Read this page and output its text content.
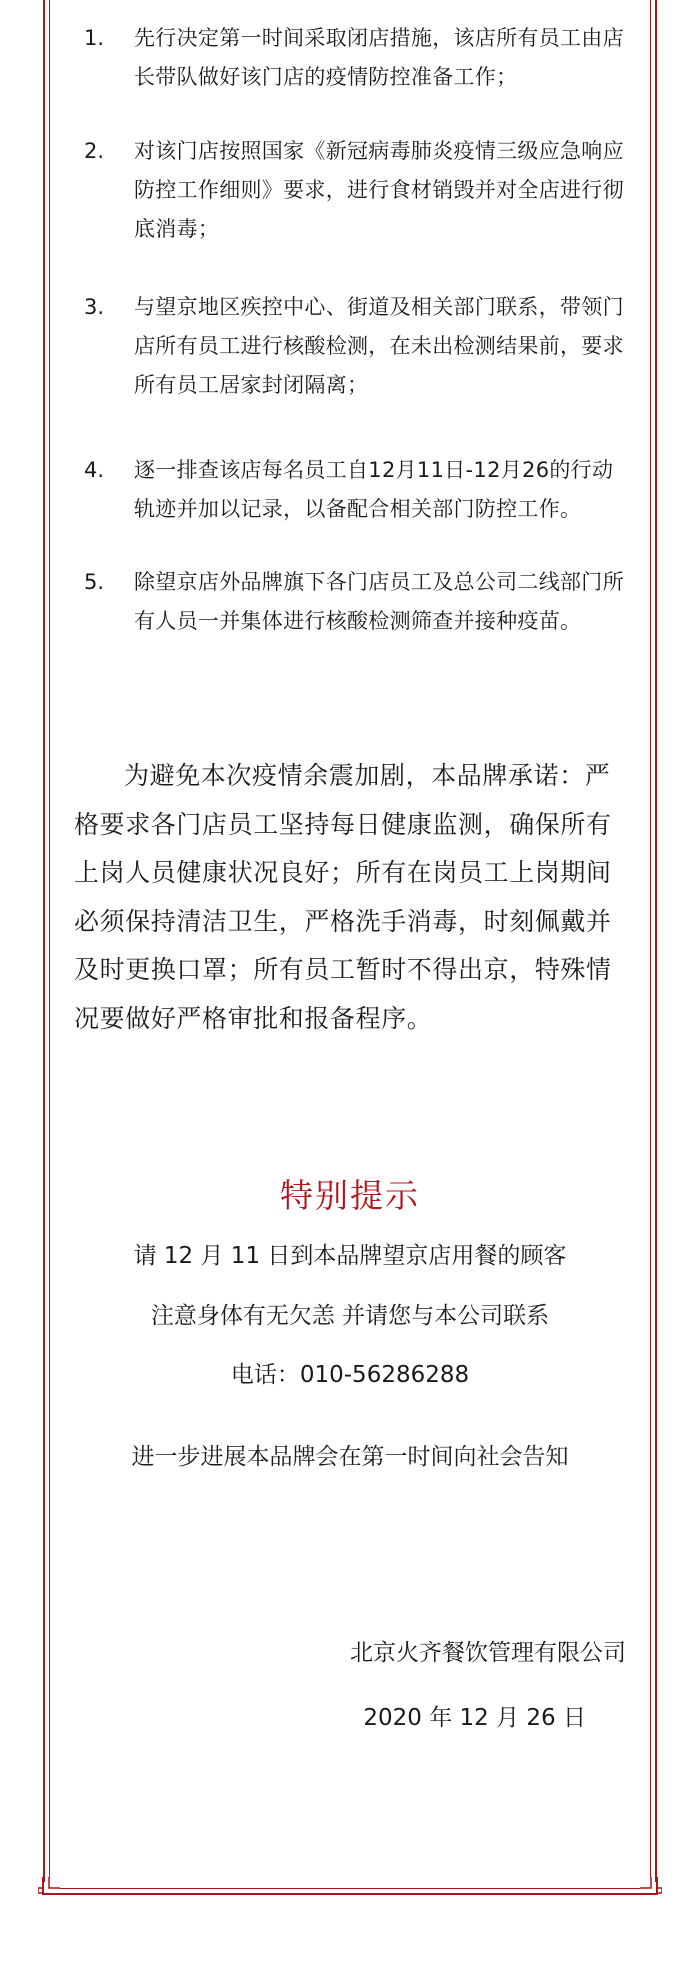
1.	先行决定第一时间采取闭店措施，该店所有员工由店长带队做好该门店的疫情防控准备工作；
2.	对该门店按照国家《新冠病毒肺炎疫情三级应急响应防控工作细则》要求，进行食材销毁并对全店进行彻底消毒；
3.	与望京地区疾控中心、街道及相关部门联系，带领门店所有员工进行核酸检测，在未出检测结果前，要求所有员工居家封闭隔离；
4.	逐一排查该店每名员工自12月11日-12月26的行动轨迹并加以记录，以备配合相关部门防控工作。
5.	除望京店外品牌旗下各门店员工及总公司二线部门所有人员一并集体进行核酸检测筛查并接种疫苗。

为避免本次疫情余震加剧，本品牌承诺：严格要求各门店员工坚持每日健康监测，确保所有上岗人员健康状况良好；所有在岗员工上岗期间必须保持清洁卫生，严格洗手消毒，时刻佩戴并及时更换口罩；所有员工暂时不得出京，特殊情况要做好严格审批和报备程序。

特别提示
请 12 月 11 日到本品牌望京店用餐的顾客
注意身体有无欠恙 并请您与本公司联系
电话：010-56286288
进一步进展本品牌会在第一时间向社会告知
北京火齐餐饮管理有限公司
2020 年 12 月 26 日
